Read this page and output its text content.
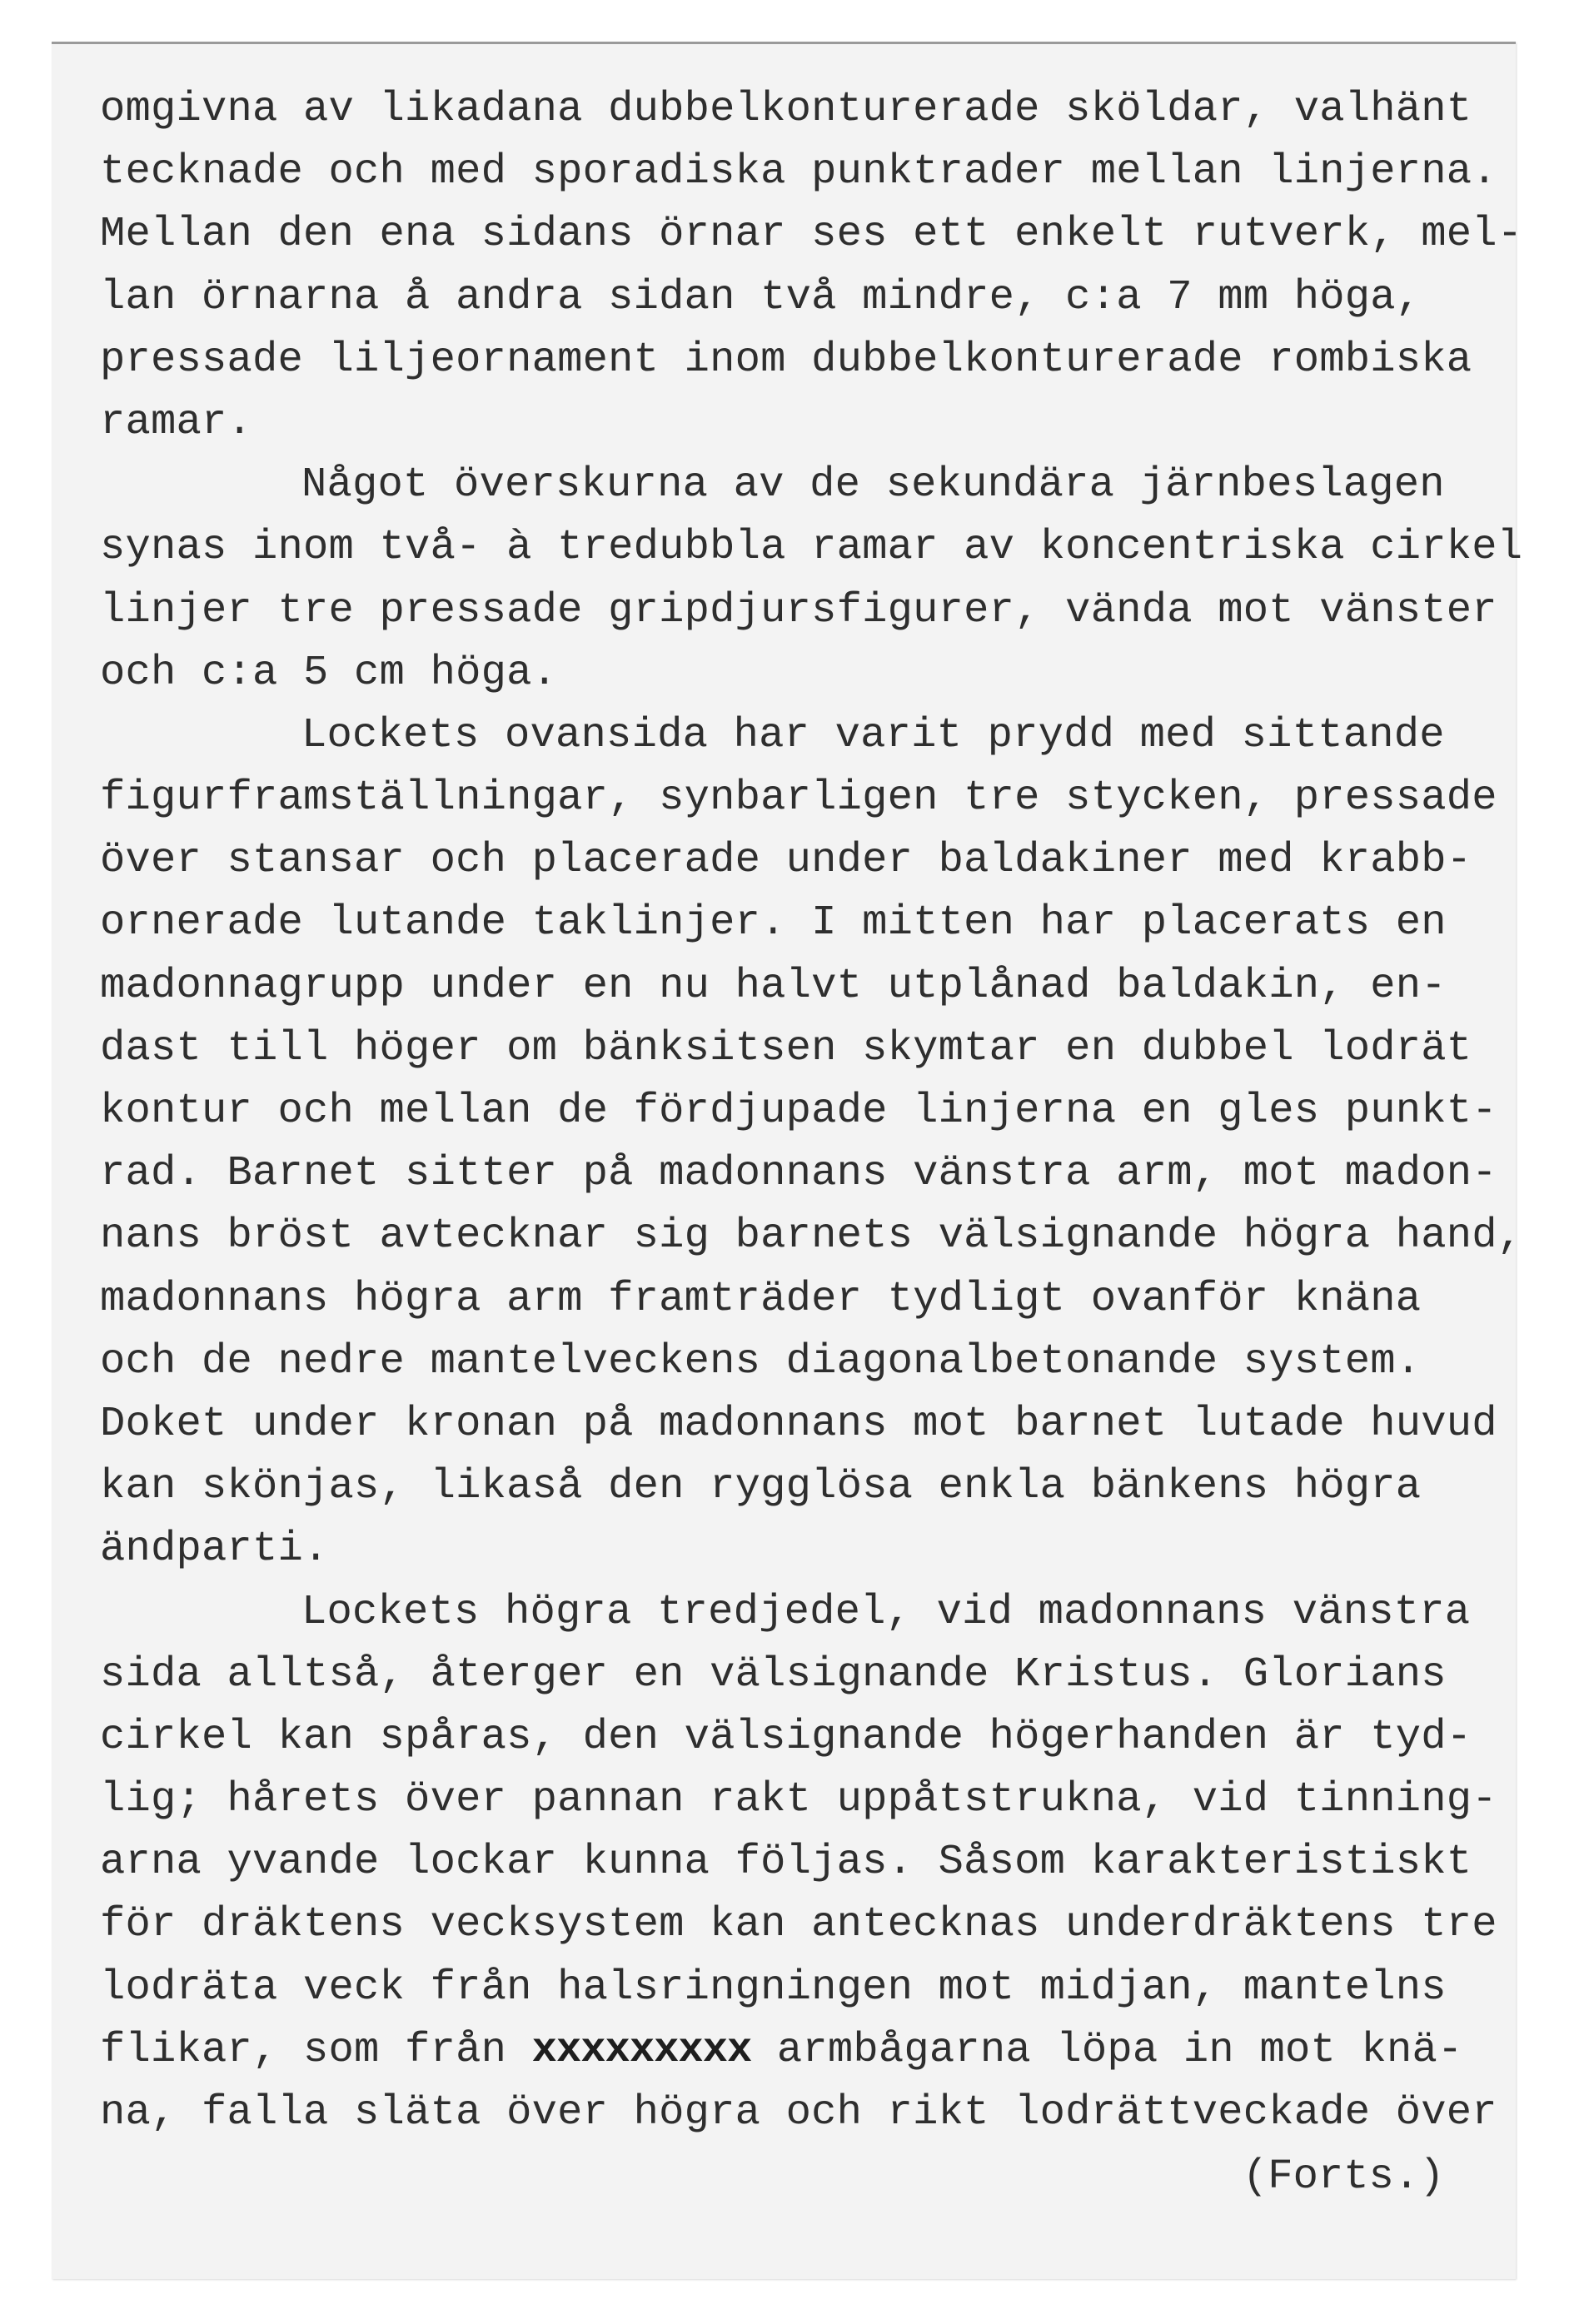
omgivna av likadana dubbelkonturerade sköldar, valhänt
tecknade och med sporadiska punktrader mellan linjerna.
Mellan den ena sidans örnar ses ett enkelt rutverk, mel-
lan örnarna å andra sidan två mindre, c:a 7 mm höga,
pressade liljeornament inom dubbelkonturerade rombiska
ramar.
Något överskurna av de sekundära järnbeslagen
synas inom två- à tredubbla ramar av koncentriska cirkel
linjer tre pressade gripdjursfigurer, vända mot vänster
och c:a 5 cm höga.
Lockets ovansida har varit prydd med sittande
figurframställningar, synbarligen tre stycken, pressade
över stansar och placerade under baldakiner med krabb-
ornerade lutande taklinjer. I mitten har placerats en
madonnagrupp under en nu halvt utplånad baldakin, en-
dast till höger om bänksitsen skymtar en dubbel lodrät
kontur och mellan de fördjupade linjerna en gles punkt-
rad. Barnet sitter på madonnans vänstra arm, mot madon-
nans bröst avtecknar sig barnets välsignande högra hand,
madonnans högra arm framträder tydligt ovanför knäna
och de nedre mantelveckens diagonalbetonande system.
Doket under kronan på madonnans mot barnet lutade huvud
kan skönjas, likaså den rygglösa enkla bänkens högra
ändparti.
Lockets högra tredjedel, vid madonnans vänstra
sida alltså, återger en välsignande Kristus. Glorians
cirkel kan spåras, den välsignande högerhanden är tyd-
lig; hårets över pannan rakt uppåtstrukna, vid tinning-
arna yvande lockar kunna följas. Såsom karakteristiskt
för dräktens vecksystem kan antecknas underdräktens tre
lodräta veck från halsringningen mot midjan, mantelns
flikar, som från xxxxxxxxx armbågarna löpa in mot knä-
na, falla släta över högra och rikt lodrättveckade över
(Forts.)
